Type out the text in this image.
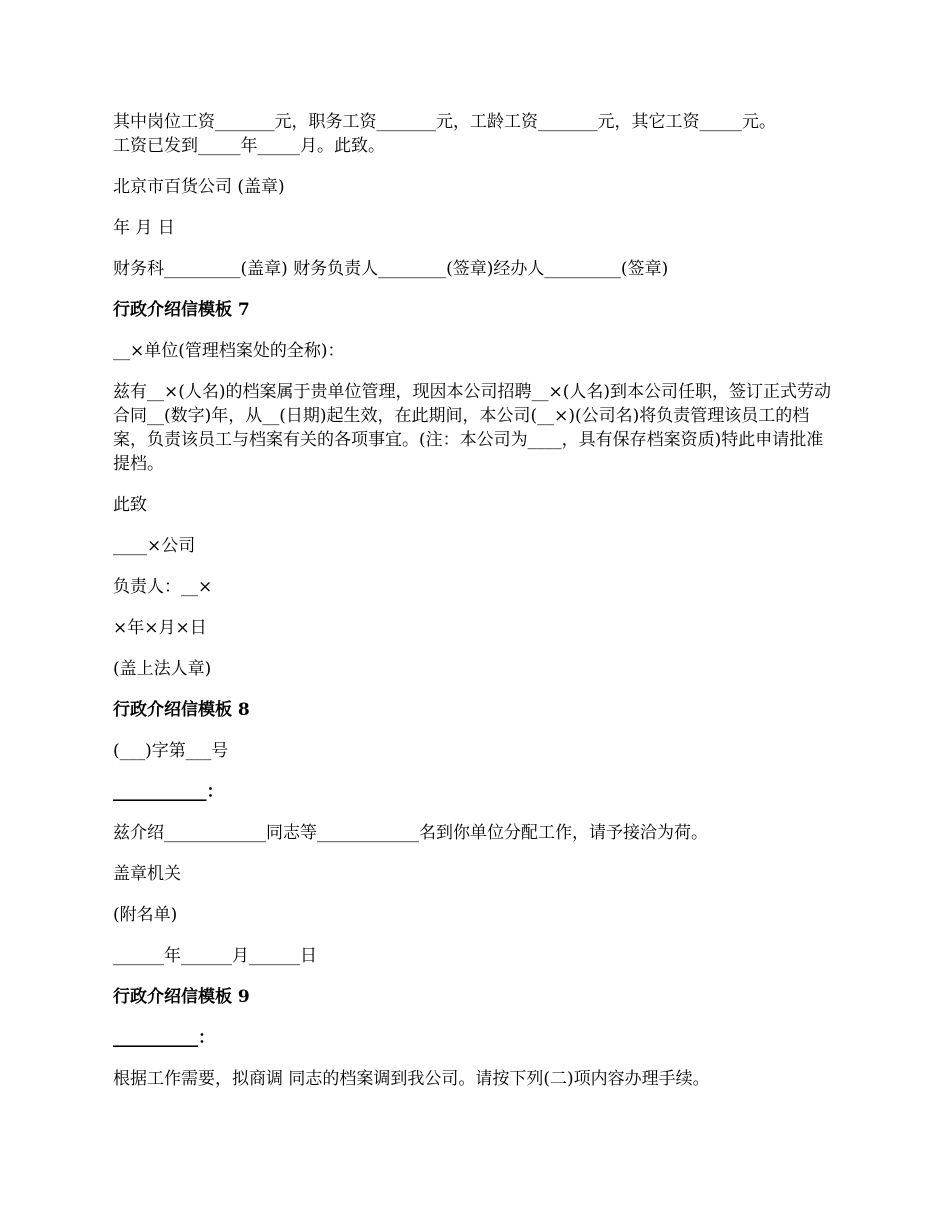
其中岗位工资_______元，职务工资_______元，工龄工资_______元，其它工资_____元。
工资已发到_____年_____月。此致。
北京市百货公司 (盖章)
年 月 日
财务科_________(盖章) 财务负责人________(签章)经办人_________(签章)
行政介绍信模板 7
__×单位(管理档案处的全称)：
兹有__×(人名)的档案属于贵单位管理，现因本公司招聘__×(人名)到本公司任职，签订正式劳动合同__(数字)年，从__(日期)起生效，在此期间，本公司(__×)(公司名)将负责管理该员工的档案，负责该员工与档案有关的各项事宜。(注：本公司为____，具有保存档案资质)特此申请批准提档。
此致
____×公司
负责人：__×
×年×月×日
(盖上法人章)
行政介绍信模板 8
(___)字第___号
___________：
兹介绍____________同志等____________名到你单位分配工作，请予接洽为荷。
盖章机关
(附名单)
______年______月______日
行政介绍信模板 9
__________：
根据工作需要，拟商调 同志的档案调到我公司。请按下列(二)项内容办理手续。
